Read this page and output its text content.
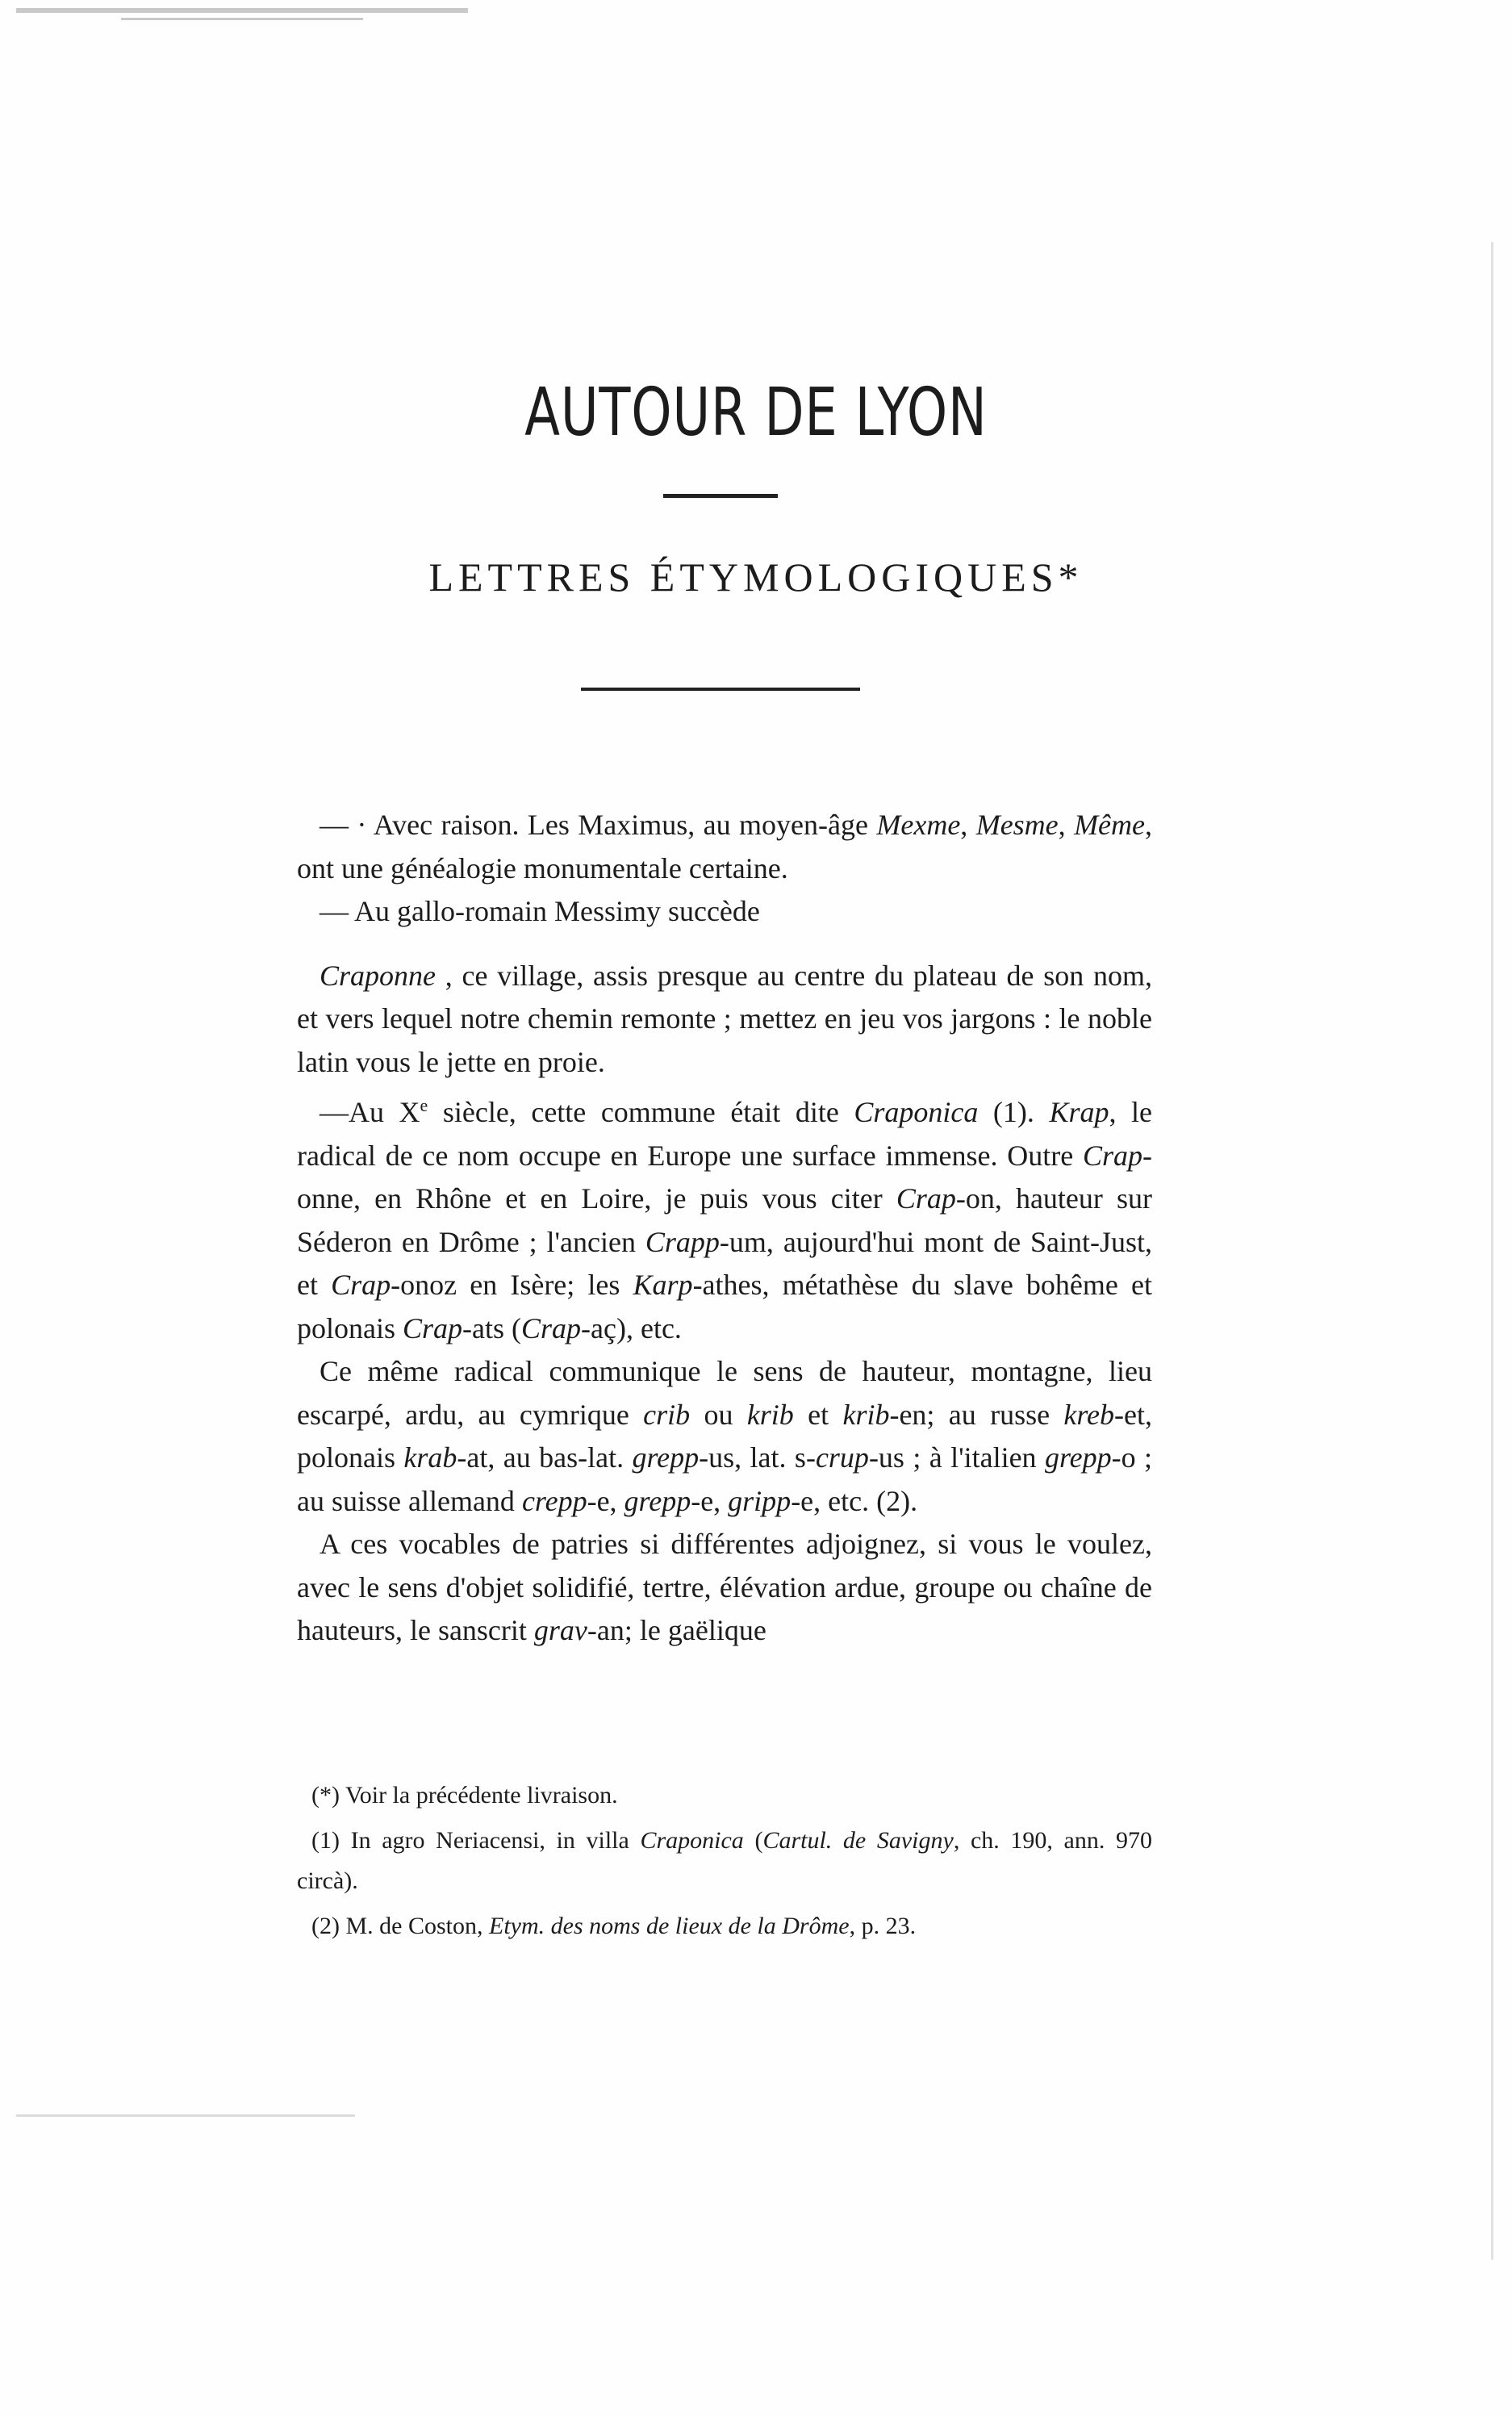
AUTOUR DE LYON
LETTRES ÉTYMOLOGIQUES*

— · Avec raison. Les Maximus, au moyen-âge Mexme, Mesme, Même, ont une généalogie monumentale certaine.

— Au gallo-romain Messimy succède

Craponne , ce village, assis presque au centre du plateau de son nom, et vers lequel notre chemin remonte ; mettez en jeu vos jargons : le noble latin vous le jette en proie.

—Au Xe siècle, cette commune était dite Craponica (1). Krap, le radical de ce nom occupe en Europe une surface immense. Outre Crap-onne, en Rhône et en Loire, je puis vous citer Crap-on, hauteur sur Séderon en Drôme ; l'ancien Crapp-um, aujourd'hui mont de Saint-Just, et Crap-onoz en Isère; les Karp-athes, métathèse du slave bohême et polonais Crap-ats (Crap-aç), etc.

Ce même radical communique le sens de hauteur, montagne, lieu escarpé, ardu, au cymrique crib ou krib et krib-en; au russe kreb-et, polonais krab-at, au bas-lat. grepp-us, lat. s-crup-us ; à l'italien grepp-o ; au suisse allemand crepp-e, grepp-e, gripp-e, etc. (2).

A ces vocables de patries si différentes adjoignez, si vous le voulez, avec le sens d'objet solidifié, tertre, élévation ardue, groupe ou chaîne de hauteurs, le sanscrit grav-an; le gaëlique

(*) Voir la précédente livraison.

(1) In agro Neriacensi, in villa Craponica (Cartul. de Savigny, ch. 190, ann. 970 circà).

(2) M. de Coston, Etym. des noms de lieux de la Drôme, p. 23.
